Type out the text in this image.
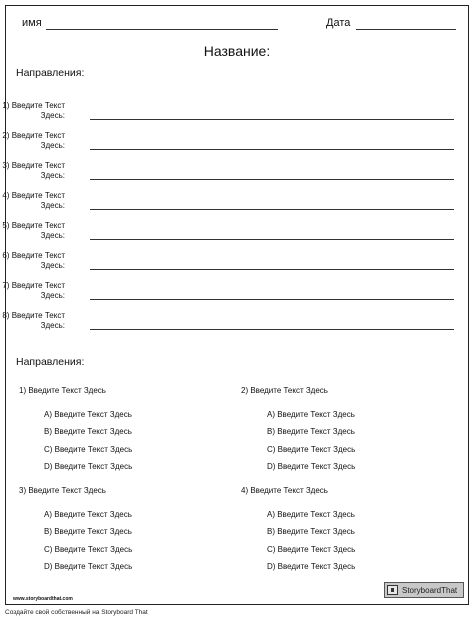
имя	Дата
Название:
Направления:
1) Введите Текст
Здесь:
2) Введите Текст
Здесь:
3) Введите Текст
Здесь:
4) Введите Текст
Здесь:
5) Введите Текст
Здесь:
6) Введите Текст
Здесь:
7) Введите Текст
Здесь:
8) Введите Текст
Здесь:
Направления:
1) Введите Текст Здесь
A) Введите Текст Здесь
B) Введите Текст Здесь
C) Введите Текст Здесь
D) Введите Текст Здесь
2) Введите Текст Здесь
A) Введите Текст Здесь
B) Введите Текст Здесь
C) Введите Текст Здесь
D) Введите Текст Здесь
3) Введите Текст Здесь
A) Введите Текст Здесь
B) Введите Текст Здесь
C) Введите Текст Здесь
D) Введите Текст Здесь
4) Введите Текст Здесь
A) Введите Текст Здесь
B) Введите Текст Здесь
C) Введите Текст Здесь
D) Введите Текст Здесь
www.storyboardthat.com
StoryboardThat
Создайте свой собственный на Storyboard That
